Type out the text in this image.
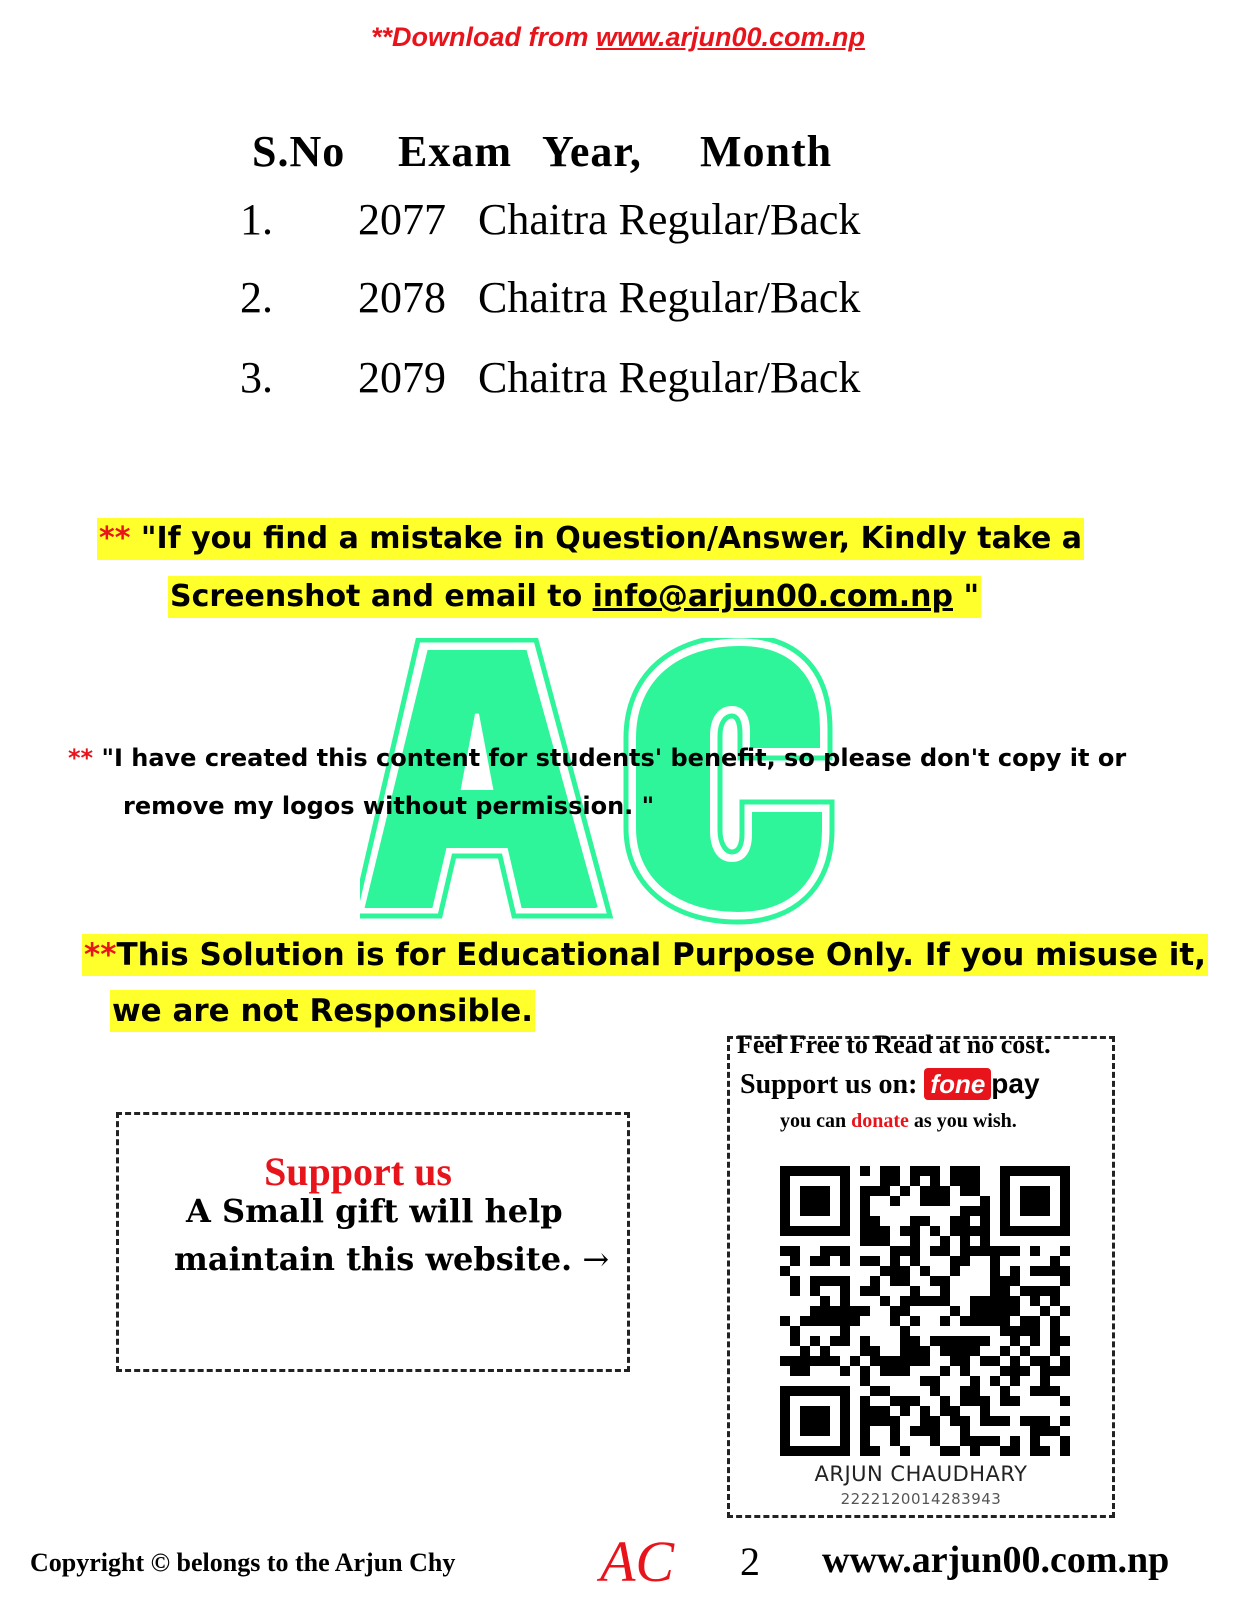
**Download from www.arjun00.com.np
S.No Exam Year, Month
1. 2077 Chaitra Regular/Back
2. 2078 Chaitra Regular/Back
3. 2079 Chaitra Regular/Back
** "If you find a mistake in Question/Answer, Kindly take a
Screenshot and email to info@arjun00.com.np "
** "I have created this content for students' benefit, so please don't copy it or
remove my logos without permission. "
**This Solution is for Educational Purpose Only. If you misuse it,
we are not Responsible.
Support us
A Small gift will help
maintain this website. →
Feel Free to Read at no cost.
Support us on: fone pay
you can donate as you wish.
ARJUN CHAUDHARY
2222120014283943
Copyright © belongs to the Arjun Chy AC 2 www.arjun00.com.np
